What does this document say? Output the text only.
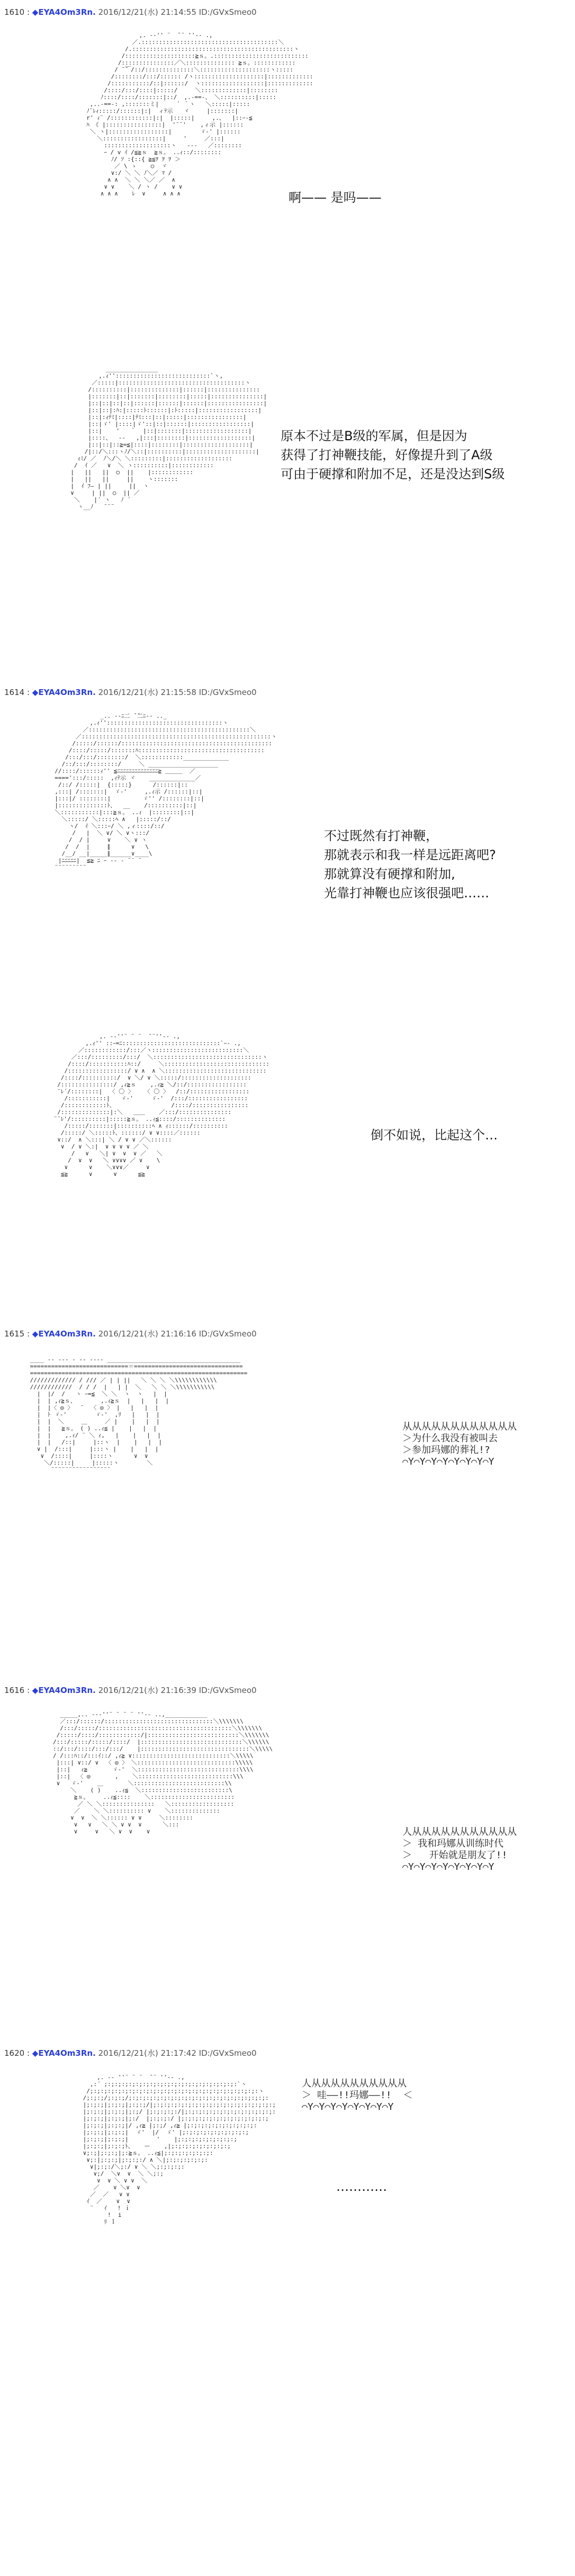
1610 : ◆EYA4Om3Rn. 2016/12/21(水) 21:14:55 ID:/GVxSmeo0
,. -‐'' ¨  ̄ ¨ ''‐- .,
／.:::::::::::::::::::::::::::::::::::::::＼
/.::::::::::::::::::::::::::::::::::::::::::::::ヽ
/::::::::::::::::::::≧ｓ。.:::::::::::::::::::::::::::
/:::::::::::::::／＼:::::::::::::: ≧ｓ。::::::::::::
/ ̄ ̄￣/::/::::::::::::::＼::::::::::::::::::::ヽ:::::
/::::::::/:::/:::::: /ヽ::::::::::::::::::::|:::::::::::::
/:::::::::::/::|::::::/  ヽ::::::::::::::::::|:::::::::::::
/::::/:::/::::|:::::/     ＼:::::::::::::|::::::::
ﾉ::::/::::/:::::::|::/  ,.-==-、 ＼::::::::::|:::::
,..-==-: ,:::::::ミ|     ´ ｀ヽ   ＼:::::|:::::
ﾉ¨ﾚｨ:::::/::::::|:|  ィﾃ示   ヾ     |:::::::|
r' ｨ¨ /::::::::::::|:|  |:::::|     ,.、  |::ｰ-≦
ﾊ 《 |::::::::::::::::|  '¨¨'    ,ィ示 |::::::
＼ ヽ|:::::::::::::::::|        ゞ-' |::::::
＼:::::::::::::::::|     '     ／:::|
:::::::::::::::::::ヽ   ---   ／::::::::
ｰ / v ｲ /≦≧ｓ  ≧ｓ。 ..ｨ::/::::::::
ﾉ/ ｿ :{::{ ≧≦ｦ ｦ ｦ ＞
／ \ ゝ    ○  ヾ
∨:/ ＼ ＼ ﾉ＼／ ﾏ /
∧ ∧  ＼ ＼ ＼／ ／  ∧
∨ ∨    ＼ / ヽ /    ∨ ∨
∧ ∧ ∧    ﾚ  ∨     ∧ ∧ ∧	啊—— 是吗——
_______________
,.ｨ'':::::::::::::::::::::::::::`ヽ,
／:::::|::::::::::::::::::::::::::::::::::::ヽ
/::::::::::|::::::::::::::|::::::|:::::::::::::::
|:::::::|::|:::::::|::::::::|:::::|:::::::::::::::|
|::|::|::|::|::::::|::::::|::::::|::::::::::::::::|
|::|::|:ﾊ:|:::::ﾄ::::::|:ﾄ:::::|:::::::::::::::::|
|::|:ｨﾃﾐ|::::|ﾃﾐ:::|::|:::::|::::::::::::::::|
|::|ゞ' |::::|ゞ'::|::|::::::|:::::::::::::::::|
|::|    '   ｀  |::|:::::::|::::::::::::::::::|
|::::、  -‐   ,|:::|::::::::|::::::::::::::::::|
|::|::|::≧=≦|::::|::::::::|:::::::::::::::::::|
/|::/＼:::ヽﾉ/＼::|::::::::::|::::::::::::::::::::|
ｨﾐ/ ／  ﾉ＼/＼ ＼:::::::::|:::::::::::::::::::
/  ｲ ／   ∨  ＼ ヽ::::::::::|::::::::::::
|   ||   ||  ○  ||    |::::::::::::
|   ||   ||     ||    ヽ:::::::
|  ｲ ﾌ― | ||     ||  ヽ
∨     | ||  ○  || ／
＼    |´ ヽ   ﾉ ´
ヽ__ﾉ   ¨¨¨
原本不过是B级的军属，但是因为
获得了打神鞭技能，好像提升到了A级
可由于硬撑和附加不足，还是没达到S级
1614 : ◆EYA4Om3Rn. 2016/12/21(水) 21:15:58 ID:/GVxSmeo0
_.. -‐ﾆ二 ̄ ̄二ﾆ‐- .._
,.ｨ'':::::::::::::::::::::::::::::::::ヽ
／::::::::::::::::::::::::::::::::::::::::::::::＼
／::::::::::::::::::::::::::::::::::::::::::::::::::::::ヽ
/:::::/::::::/:::::::::::::::::::::::::::::::::::::::::::
/::::/:::::/:::::::ﾊ::::::::::::::::::::::::::::::::::::
/:::/:::/::::::::/  ＼::::::::::::_____________
/::/:::/::::::::/     ＼ ____________________
//::::/::::::ｨ'' ≦ﾆﾆﾆﾆﾆﾆﾆﾆﾆﾆﾆﾆﾆﾆ≧ ＿＿＿  ／
====':::/:::::  ,ｨﾃ示 ヾ    _____________／
/::/ /:::::|  {:::::}      /::::::|::
,:::| /:::::::|  ゞ-'     ,.ｨ示 /::::::|::|
|:::|/ ::::::::|         ゞ'' /::::::::|::|
|::::::::::::::ﾄ、  __    /::::::::::|::|
＼:::::::::::|:::≧ｓ。 ..ｨ  |::::::::|::|
＼:::::/ ＼:::::ﾍ ∧   |:::::/::/
ヽ/  ｲ ＼:::ｰ/ ＼ ,ィ::::/::/
/   |  ＼ ∨/ ＼ ∨ヽ:::/
/  / |     ∨    ＼ ∨ ヽ
/  /  |     ∥      ∨   \
/__/ __|_____∥______∨____\
|ﾆﾆﾆﾆﾆ|  ≦≧ ﾆ ｰ -- ‐ ¨¨ ¨
¨¨¨¨¨¨¨¨¨
不过既然有打神鞭，
那就表示和我一样是远距离吧?
那就算没有硬撑和附加,
光靠打神鞭也应该很强吧……
,. -‐''¨ ¨ ¨  ̄ ¨''‐- .,
,.ｨ'' ::ｰ=ﾆ::::::::::::::::::::::::::::`ｰ- .,
／::::::::::::/:::／ヽ::::::::::::::::::::::::::＼
／:::/:::::::::/:::/  ＼:::::::::::::::::::::::::::::::ヽ
/::::/:::::::::::ﾊ::/     ＼::::::::::::::::::::::::::::::
/:::::::::::::::::/ ∨ ∧  ∧ ＼:::::::::::::::::::::::::::::
/::::/::::::::::/  ∨ ＼/ ∨ ＼:::::/::::::::::::::::::::
/:::::::::::::::/ ,ｨ≧ｓ    ,.ｨ≧ ＼/::/:::::::::::::::::
¨ﾚ´/::::::::|  〈 〇 〉   〈 〇 〉  /::/:::::::::::::::::
/:::::::::::|   ゞ-'     ゞ-'  /:::/:::::::::::::::::
/::::::::::::ﾄ、                /::::/::::::::::::::::
/::::::::::::::|:＼   ＿＿    ／:::/:::::::::::::::
¨¨ﾚ'/::::::::::|:::::≧ｓ。 ..ｨ≦::::/::::::::::::::
/:::::/:::::::|::::::::::ﾍ ∧ ｨ::::::/::::::::::
/:::::/ ＼:::::ﾄ、::::::/ ∨ ∨::::／::::::
∨::/  ∧ ＼:::| ＼ / ∨ ∨ ／＼::::::
∨  / ∨ ＼:|  ∨ ∨ ∨ ∨ ／ ＼
/   ∨   ＼| ∨  ∨  ∨ ／   ＼
/  ∨  ∨   ＼ ∨∨∨∨ ／ ∨    \
∨      ∨    ＼∨∨∨／     ∨
≦≧      ∨      ∨      ≦≧
倒不如说，比起这个…
1615 : ◆EYA4Om3Rn. 2016/12/21(水) 21:16:16 ID:/GVxSmeo0
____ -- ‐‐‐ ‐ ‐‐ ---- ______________________________________
============================＝===============================
==============================================================
///////////// / /// ／ | | ||   ＼ ＼ ＼ ＼\\\\\\\\\\\\
////////////  / / /  |   | |  ＼   ＼ ＼ ＼\\\\\\\\\\\
|  |/  /   ヽ ｰ=≦  ＼ ＼  ヽ  ヽ   |  |
|  | ,ｨ≧ｓ、       ,.ｨ≧ｓ  |   |   |  |
|  |〈 ◎ 〉  ¨  〈 ◎ 〉 |   |   |  |
|  ﾄ ゞ-'        ゞ-'  ,ﾘ   |   |  |
|  |  ＼     ＿     ／ |    |   |  |
|  |   ≧ｓ。 ( ) ..ｨ≦ |    |   |  |
|  |    ,.ｨ/ ¨ ＼ ｨ,   |    |   |  |
|  |   /::|     |::ヽ  |    |   |  |
∨ |  /:::|     |:::ヽ |    |   |  |
∨  /::::|     |::::ヽ      ∨  ∨
＼/:::::|     |:::::ヽ        ＼
¨¨¨¨¨¨¨¨¨¨¨¨¨¨¨¨¨
从从从从从从从从从从从从
＞为什么我没有被叫去
＞参加玛娜的葬礼!?
⌒Y⌒Y⌒Y⌒Y⌒Y⌒Y⌒Y⌒Y
1616 : ◆EYA4Om3Rn. 2016/12/21(水) 21:16:39 ID:/GVxSmeo0
_____,.. -‐‐''¨ ¨ ¨ ¨ ''‐- ..,____________
／:::/::::::/:::::::::::::::::::::::::::::::＼\\\\\\\
/:::/:::::/::::::::::::::::::::::::::::::::::::::＼\\\\\\\
/:::::/::::/::::::::::::/|::::::::::::::::::::::::::＼\\\\\\\
/:::/:::::/:::::/::::/  |:::::::::::::::::::::::::::::＼\\\\\\
::/:::/::::/:::/:::/    |:::::::::::::::::::::::::::::::＼\\\\\
/ /:::ﾊ::/:::ｲ::/ ,ｨ≧ ∨::::::::::::::::::::::::::::＼\\\\\
|:::| ∨::/ ∨  〈 ◎ 〉 ＼::::::::::::::::::::::::::::\\\\\
|::|   ｨ≧       ゞ-'  ＼:::::::::::::::::::::::::::::\\\\
|::|  〈 ◎       ,    ＼:::::::::::::::::::::::::::\\\
∨   ゞ-'    ＿       ＼::::::::::::::::::::::::::\\
＼    ( )    ..ｨ≦  ＼:::::::::::::::::::::::::\
≧ｓ。    ..ｨ≦::::    ＼::::::::::::::::::::::::
／ ＼ ＼:::::::::::::::   ＼::::::::::::::::::
／    ＼ ＼:::::::::: ∨    ＼::::::::::::::
∨  ∨  ＼ ＼:::::: ∨ ∨     ＼::::::::
∨   ∨   ＼ ＼ ∨ ∨  ∨      ＼:::
∨     ∨   ＼ ∨  ∨    ∨	人从从从从从从从从从从从
＞ 我和玛娜从训练时代
＞   开始就是朋友了!!
⌒Y⌒Y⌒Y⌒Y⌒Y⌒Y⌒Y⌒Y
1620 : ◆EYA4Om3Rn. 2016/12/21(水) 21:17:42 ID:/GVxSmeo0
,. -‐ ''¨ ¨ ¨  ̄ ¨ ''‐- .,
,:´ ;:;:;:;:;:;:;:;:;:;:;:;:;:;:;:;:;:;:;:`ヽ
/;:;:;:;:;:;:;:;:;:;:;:;:;:;:;:;:;:;:;:;:;:;:;:;:ヽ
/;:;:;/;:;:;/;:;:;:;:;:;:;:;:;:;:;:;:;:;:;:;:;:;:;:;:
|;:;:;|;:;:;|;:;:;/|;:;:;:;:;:;:;:;:;:;:;:;:;:;:;:;:;:;
|;:;:;|;:;:;|;:;/ |;:;:;:;:/|;:;:;:;:;:;:;:;:;:;:;:;:;:
|;:;:;|;:;:;|;:/  |;:;:;:/ |;:;:;:;:;:;:;:;:;:;:;:;:;
|;:;:;|;:;:;|/ ,ｨ≧ |;:;/ ,ｨ≧ |;:;:;:;:;:;:;:;:;:;:
|;:;:;|;:;:;|  ゞ'  |/  ゞ' |;:;:;:;:;:;:;:;:;:;
|;:;:;|;:;:;|        '    |;:;:;:;:;:;:;:;:;
|;:;:;|;:;:;ﾄ、   ー    ,|;:;:;:;:;:;:;:;:;
∨;:;|;:;:;|;:≧ｓ。 ..ｨ≦|;:;:;:;:;:;:;:
∨;:|;:;:;|;:;:;:/ ∧ ＼|;:;:;:;:;:;:
∨|;:;:/＼;:/ ∨ ＼ ＼;:;:;:;:
∨;/  ＼∨  ∨  ＼ ＼;:;
∨  ∨ ＼ ∨ ∨  ＼
／    ∨ ＼∨  ∨
／  ／   ∨ ∨
ｲ  ／    ∨  ∨
¨   ｲ   ! ｉ
!  i
ﾘ ｌ
人从从从从从从从从从从
＞ 哇——!!玛娜——!!  ＜
⌒Y⌒Y⌒Y⌒Y⌒Y⌒Y⌒Y⌒Y
…………
